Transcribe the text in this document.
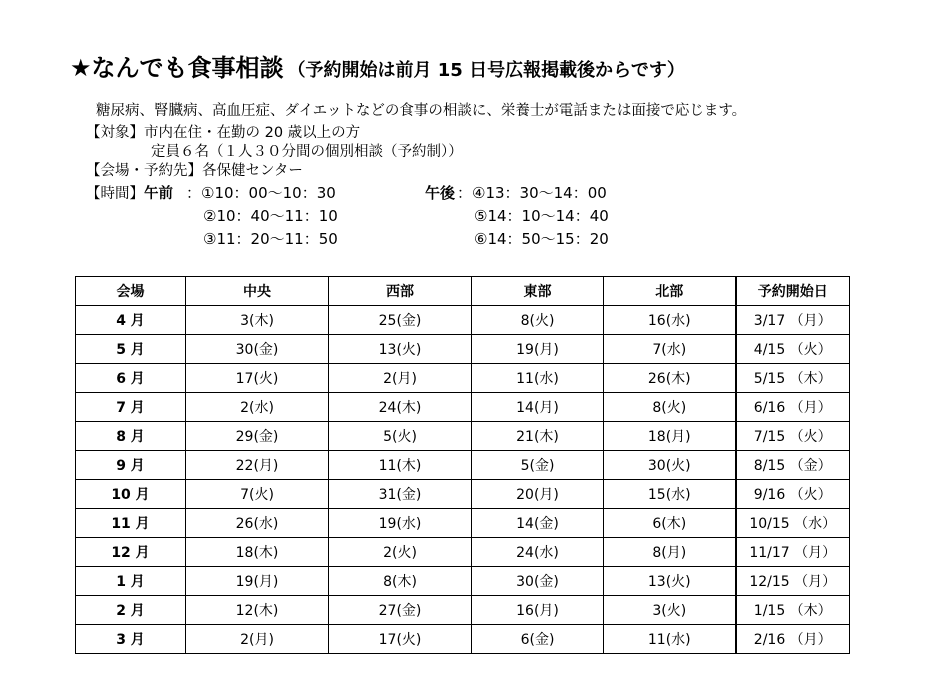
★なんでも食事相談 （予約開始は前月 15 日号広報掲載後からです）
糖尿病、腎臓病、高血圧症、ダイエットなどの食事の相談に、栄養士が電話または面接で応じます。
【対象】市内在住・在勤の 20 歳以上の方
定員６名（１人３０分間の個別相談（予約制））
【会場・予約先】各保健センター
【時間】午前 ：①10：00～10：30
②10：40～11：10
③11：20～11：50
午後 ：④13：30～14：00
⑤14：10～14：40
⑥14：50～15：20
会場	中央	西部	東部	北部	予約開始日
4 月	3(木)	25(金)	8(火)	16(水)	3/17 （月）
5 月	30(金)	13(火)	19(月)	7(水)	4/15 （火）
6 月	17(火)	2(月)	11(水)	26(木)	5/15 （木）
7 月	2(水)	24(木)	14(月)	8(火)	6/16 （月）
8 月	29(金)	5(火)	21(木)	18(月)	7/15 （火）
9 月	22(月)	11(木)	5(金)	30(火)	8/15 （金）
10 月	7(火)	31(金)	20(月)	15(水)	9/16 （火）
11 月	26(水)	19(水)	14(金)	6(木)	10/15 （水）
12 月	18(木)	2(火)	24(水)	8(月)	11/17 （月）
1 月	19(月)	8(木)	30(金)	13(火)	12/15 （月）
2 月	12(木)	27(金)	16(月)	3(火)	1/15 （木）
3 月	2(月)	17(火)	6(金)	11(水)	2/16 （月）
